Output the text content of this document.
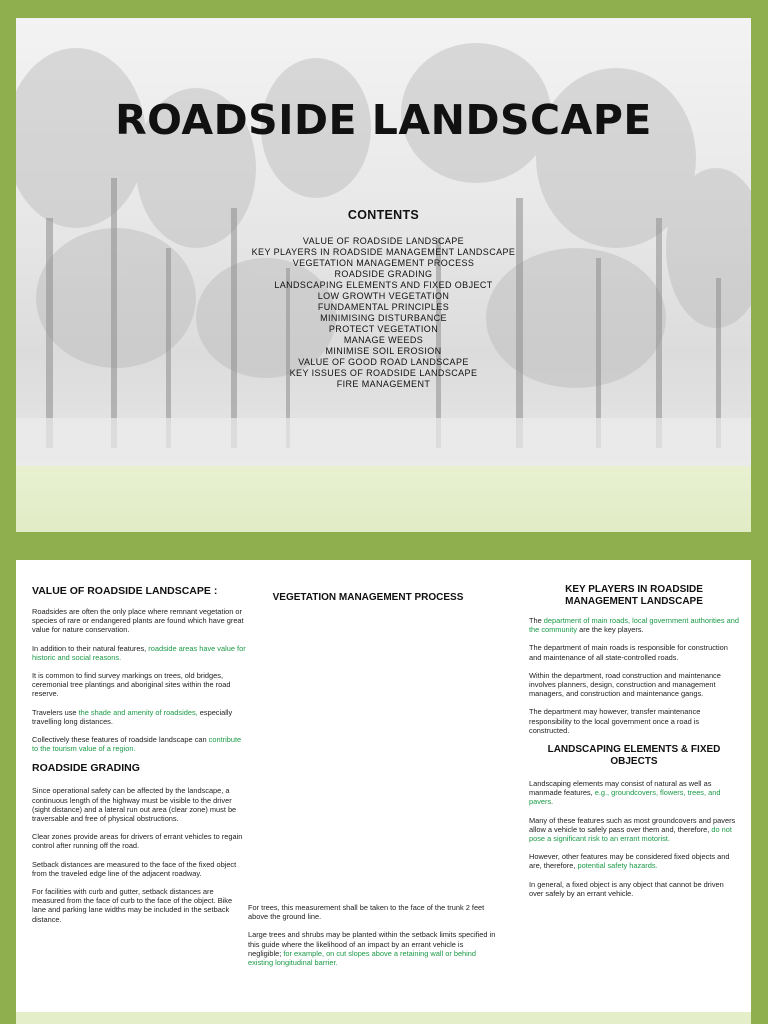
ROADSIDE LANDSCAPE
CONTENTS
VALUE OF ROADSIDE LANDSCAPE
KEY PLAYERS IN ROADSIDE MANAGEMENT LANDSCAPE
VEGETATION MANAGEMENT PROCESS
ROADSIDE GRADING
LANDSCAPING ELEMENTS AND FIXED OBJECT
LOW GROWTH VEGETATION
FUNDAMENTAL PRINCIPLES
MINIMISING DISTURBANCE
PROTECT VEGETATION
MANAGE WEEDS
MINIMISE SOIL EROSION
VALUE OF GOOD ROAD LANDSCAPE
KEY ISSUES OF ROADSIDE LANDSCAPE
FIRE MANAGEMENT
VALUE OF ROADSIDE LANDSCAPE :

Roadsides are often the only place where remnant vegetation or species of rare or endangered plants are found which have great value for nature conservation.

In addition to their natural features, roadside areas have value for historic and social reasons.

It is common to find survey markings on trees, old bridges, ceremonial tree plantings and aboriginal sites within the road reserve.

Travelers use the shade and amenity of roadsides, especially travelling long distances.

Collectively these features of roadside landscape can contribute to the tourism value of a region.

ROADSIDE GRADING

Since operational safety can be affected by the landscape, a continuous length of the highway must be visible to the driver (sight distance) and a lateral run out area (clear zone) must be traversable and free of physical obstructions.

Clear zones provide areas for drivers of errant vehicles to regain control after running off the road.

Setback distances are measured to the face of the fixed object from the traveled edge line of the adjacent roadway.

For facilities with curb and gutter, setback distances are measured from the face of curb to the face of the object. Bike lane and parking lane widths may be included in the setback distance.

VEGETATION MANAGEMENT PROCESS

For trees, this measurement shall be taken to the face of the trunk 2 feet above the ground line.

Large trees and shrubs may be planted within the setback limits specified in this guide where the likelihood of an impact by an errant vehicle is negligible; for example, on cut slopes above a retaining wall or behind existing longitudinal barrier.

KEY PLAYERS IN ROADSIDE MANAGEMENT LANDSCAPE

The department of main roads, local government authorities and the community are the key players.

The department of main roads is responsible for construction and maintenance of all state-controlled roads.

Within the department, road construction and maintenance involves planners, design, construction and management managers, and construction and maintenance gangs.

The department may however, transfer maintenance responsibility to the local government once a road is constructed.

LANDSCAPING ELEMENTS & FIXED OBJECTS

Landscaping elements may consist of natural as well as manmade features, e.g., groundcovers, flowers, trees, and pavers.

Many of these features such as most groundcovers and pavers allow a vehicle to safely pass over them and, therefore, do not pose a significant risk to an errant motorist.

However, other features may be considered fixed objects and are, therefore, potential safety hazards.

In general, a fixed object is any object that cannot be driven over safely by an errant vehicle.
